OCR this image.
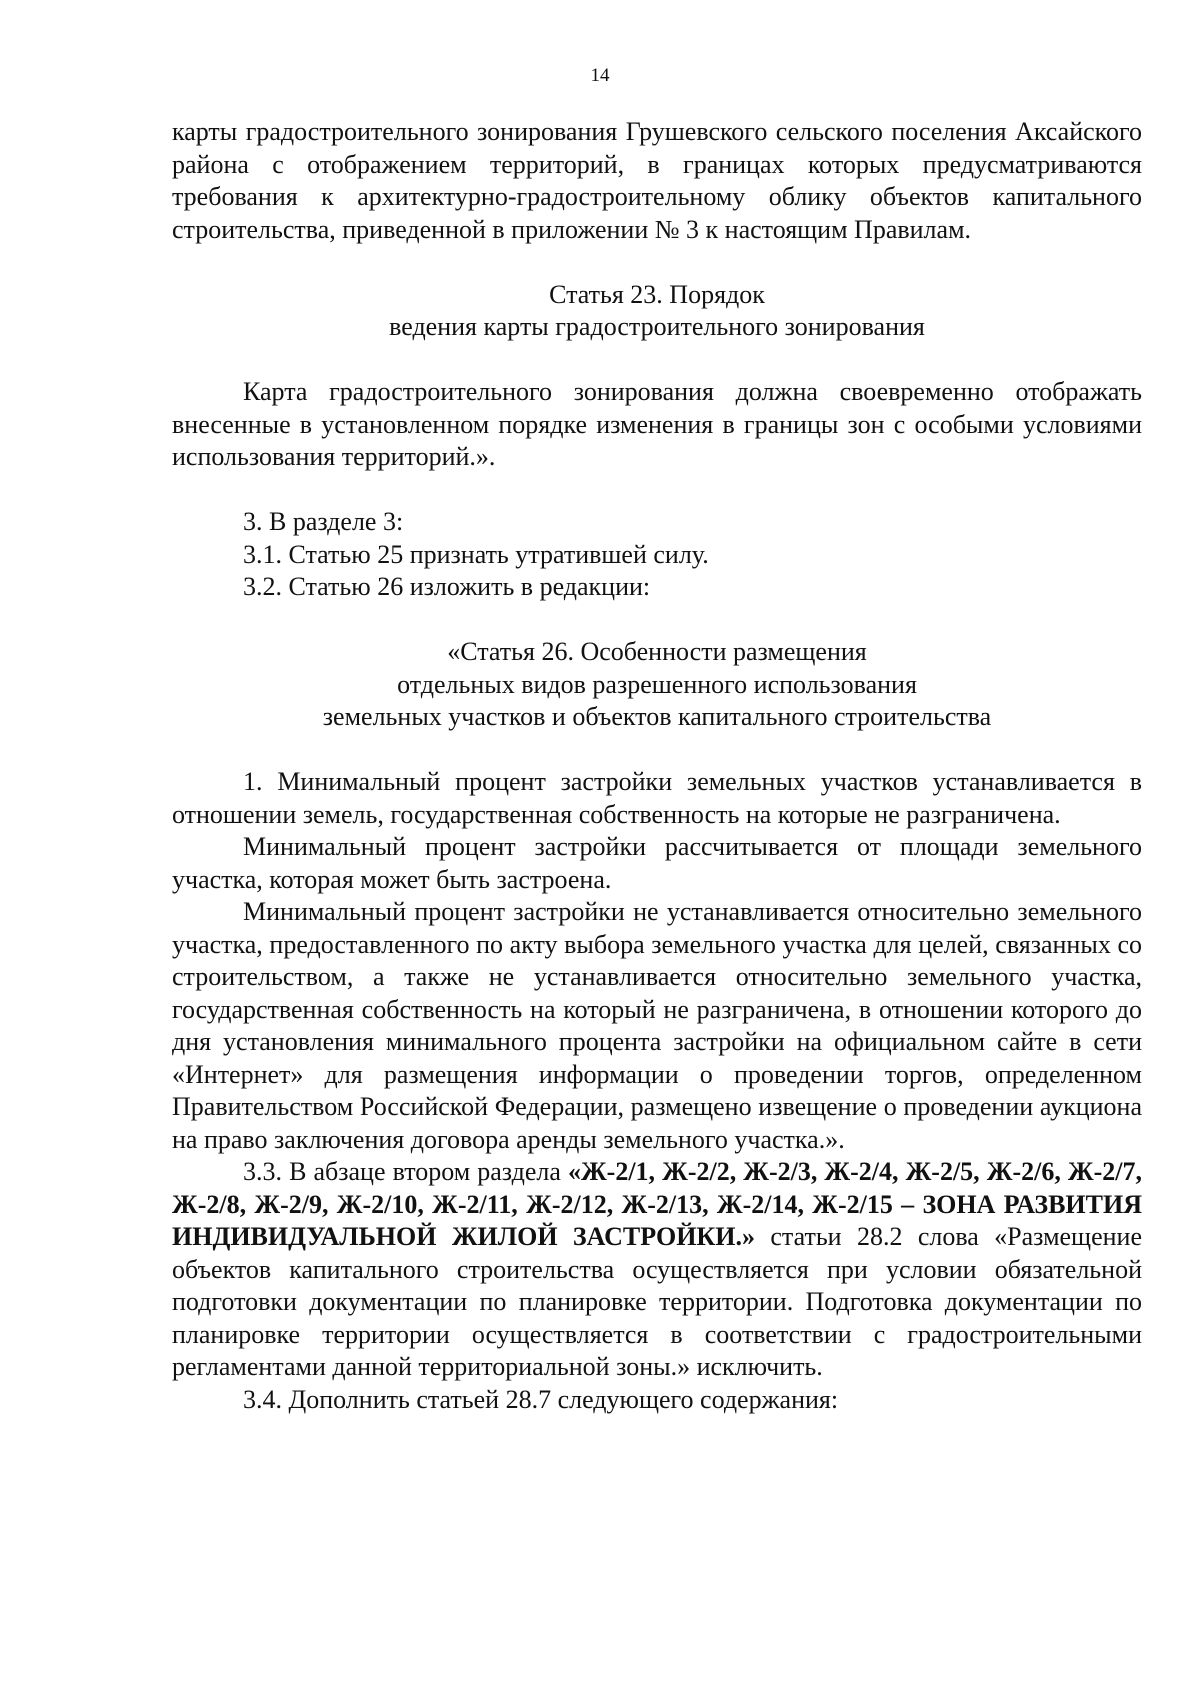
14

карты градостроительного зонирования Грушевского сельского поселения Аксайского района с отображением территорий, в границах которых предусматриваются требования к архитектурно-градостроительному облику объектов капитального строительства, приведенной в приложении № 3 к настоящим Правилам.

Статья 23. Порядок

ведения карты градостроительного зонирования

Карта градостроительного зонирования должна своевременно отображать внесенные в установленном порядке изменения в границы зон с особыми условиями использования территорий.».

3. В разделе 3:

3.1. Статью 25 признать утратившей силу.

3.2. Статью 26 изложить в редакции:

«Статья 26. Особенности размещения

отдельных видов разрешенного использования

земельных участков и объектов капитального строительства

1. Минимальный процент застройки земельных участков устанавливается в отношении земель, государственная собственность на которые не разграничена.

Минимальный процент застройки рассчитывается от площади земельного участка, которая может быть застроена.

Минимальный процент застройки не устанавливается относительно земельного участка, предоставленного по акту выбора земельного участка для целей, связанных со строительством, а также не устанавливается относительно земельного участка, государственная собственность на который не разграничена, в отношении которого до дня установления минимального процента застройки на официальном сайте в сети «Интернет» для размещения информации о проведении торгов, определенном Правительством Российской Федерации, размещено извещение о проведении аукциона на право заключения договора аренды земельного участка.».

3.3. В абзаце втором раздела «Ж-2/1, Ж-2/2, Ж-2/3, Ж-2/4, Ж-2/5, Ж-2/6, Ж-2/7, Ж-2/8, Ж-2/9, Ж-2/10, Ж-2/11, Ж-2/12, Ж-2/13, Ж-2/14, Ж-2/15 – ЗОНА РАЗВИТИЯ ИНДИВИДУАЛЬНОЙ ЖИЛОЙ ЗАСТРОЙКИ.» статьи 28.2 слова «Размещение объектов капитального строительства осуществляется при условии обязательной подготовки документации по планировке территории. Подготовка документации по планировке территории осуществляется в соответствии с градостроительными регламентами данной территориальной зоны.» исключить.

3.4. Дополнить статьей 28.7 следующего содержания:
